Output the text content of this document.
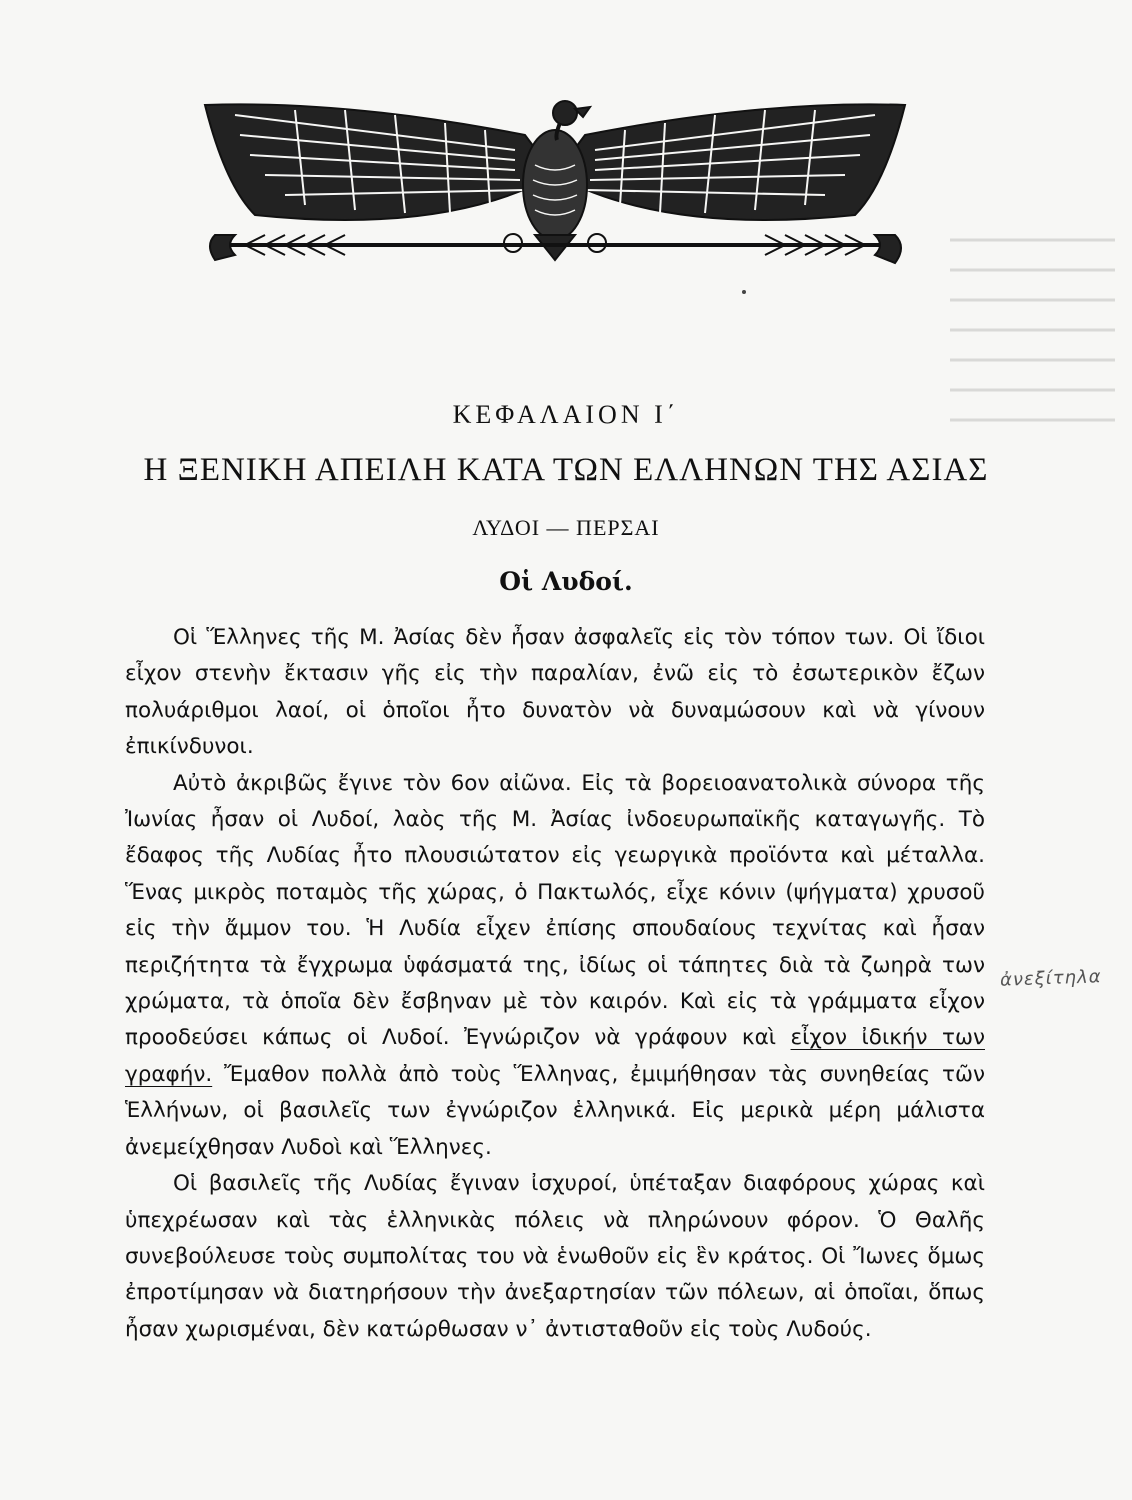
ΚΕΦΑΛΑΙΟΝ Ι΄
Η ΞΕΝΙΚΗ ΑΠΕΙΛΗ ΚΑΤΑ ΤΩΝ ΕΛΛΗΝΩΝ ΤΗΣ ΑΣΙΑΣ
ΛΥΔΟΙ — ΠΕΡΣΑΙ
Οἱ Λυδοί.

Οἱ Ἕλληνες τῆς Μ. Ἀσίας δὲν ἦσαν ἀσφαλεῖς εἰς τὸν τόπον των. Οἱ ἴδιοι εἶχον στενὴν ἔκτασιν γῆς εἰς τὴν παραλίαν, ἐνῶ εἰς τὸ ἐσωτερικὸν ἔζων πολυάριθμοι λαοί, οἱ ὁποῖοι ἦτο δυνατὸν νὰ δυναμώσουν καὶ νὰ γίνουν ἐπικίνδυνοι.

Αὐτὸ ἀκριβῶς ἔγινε τὸν 6ον αἰῶνα. Εἰς τὰ βορειοανατολικὰ σύνορα τῆς Ἰωνίας ἦσαν οἱ Λυδοί, λαὸς τῆς Μ. Ἀσίας ἰνδοευρωπαϊκῆς καταγωγῆς. Τὸ ἔδαφος τῆς Λυδίας ἦτο πλουσιώτατον εἰς γεωργικὰ προϊόντα καὶ μέταλλα. Ἕνας μικρὸς ποταμὸς τῆς χώρας, ὁ Πακτωλός, εἶχε κόνιν (ψήγματα) χρυσοῦ εἰς τὴν ἄμμον του. Ἡ Λυδία εἶχεν ἐπίσης σπουδαίους τεχνίτας καὶ ἦσαν περιζήτητα τὰ ἔγχρωμα ὑφάσματά της, ἰδίως οἱ τάπητες διὰ τὰ ζωηρὰ των χρώματα, τὰ ὁποῖα δὲν ἔσβηναν μὲ τὸν καιρόν. Καὶ εἰς τὰ γράμματα εἶχον προοδεύσει κάπως οἱ Λυδοί. Ἐγνώριζον νὰ γράφουν καὶ εἶχον ἰδικήν των γραφήν. Ἔμαθον πολλὰ ἀπὸ τοὺς Ἕλληνας, ἐμιμήθησαν τὰς συνηθείας τῶν Ἑλλήνων, οἱ βασιλεῖς των ἐγνώριζον ἑλληνικά. Εἰς μερικὰ μέρη μάλιστα ἀνεμείχθησαν Λυδοὶ καὶ Ἕλληνες.

Οἱ βασιλεῖς τῆς Λυδίας ἔγιναν ἰσχυροί, ὑπέταξαν διαφόρους χώρας καὶ ὑπεχρέωσαν καὶ τὰς ἑλληνικὰς πόλεις νὰ πληρώνουν φόρον. Ὁ Θαλῆς συνεβούλευσε τοὺς συμπολίτας του νὰ ἑνωθοῦν εἰς ἓν κράτος. Οἱ Ἴωνες ὅμως ἐπροτίμησαν νὰ διατηρήσουν τὴν ἀνεξαρτησίαν τῶν πόλεων, αἱ ὁποῖαι, ὅπως ἦσαν χωρισμέναι, δὲν κατώρθωσαν ν᾽ ἀντισταθοῦν εἰς τοὺς Λυδούς.

ἀνεξίτηλα
